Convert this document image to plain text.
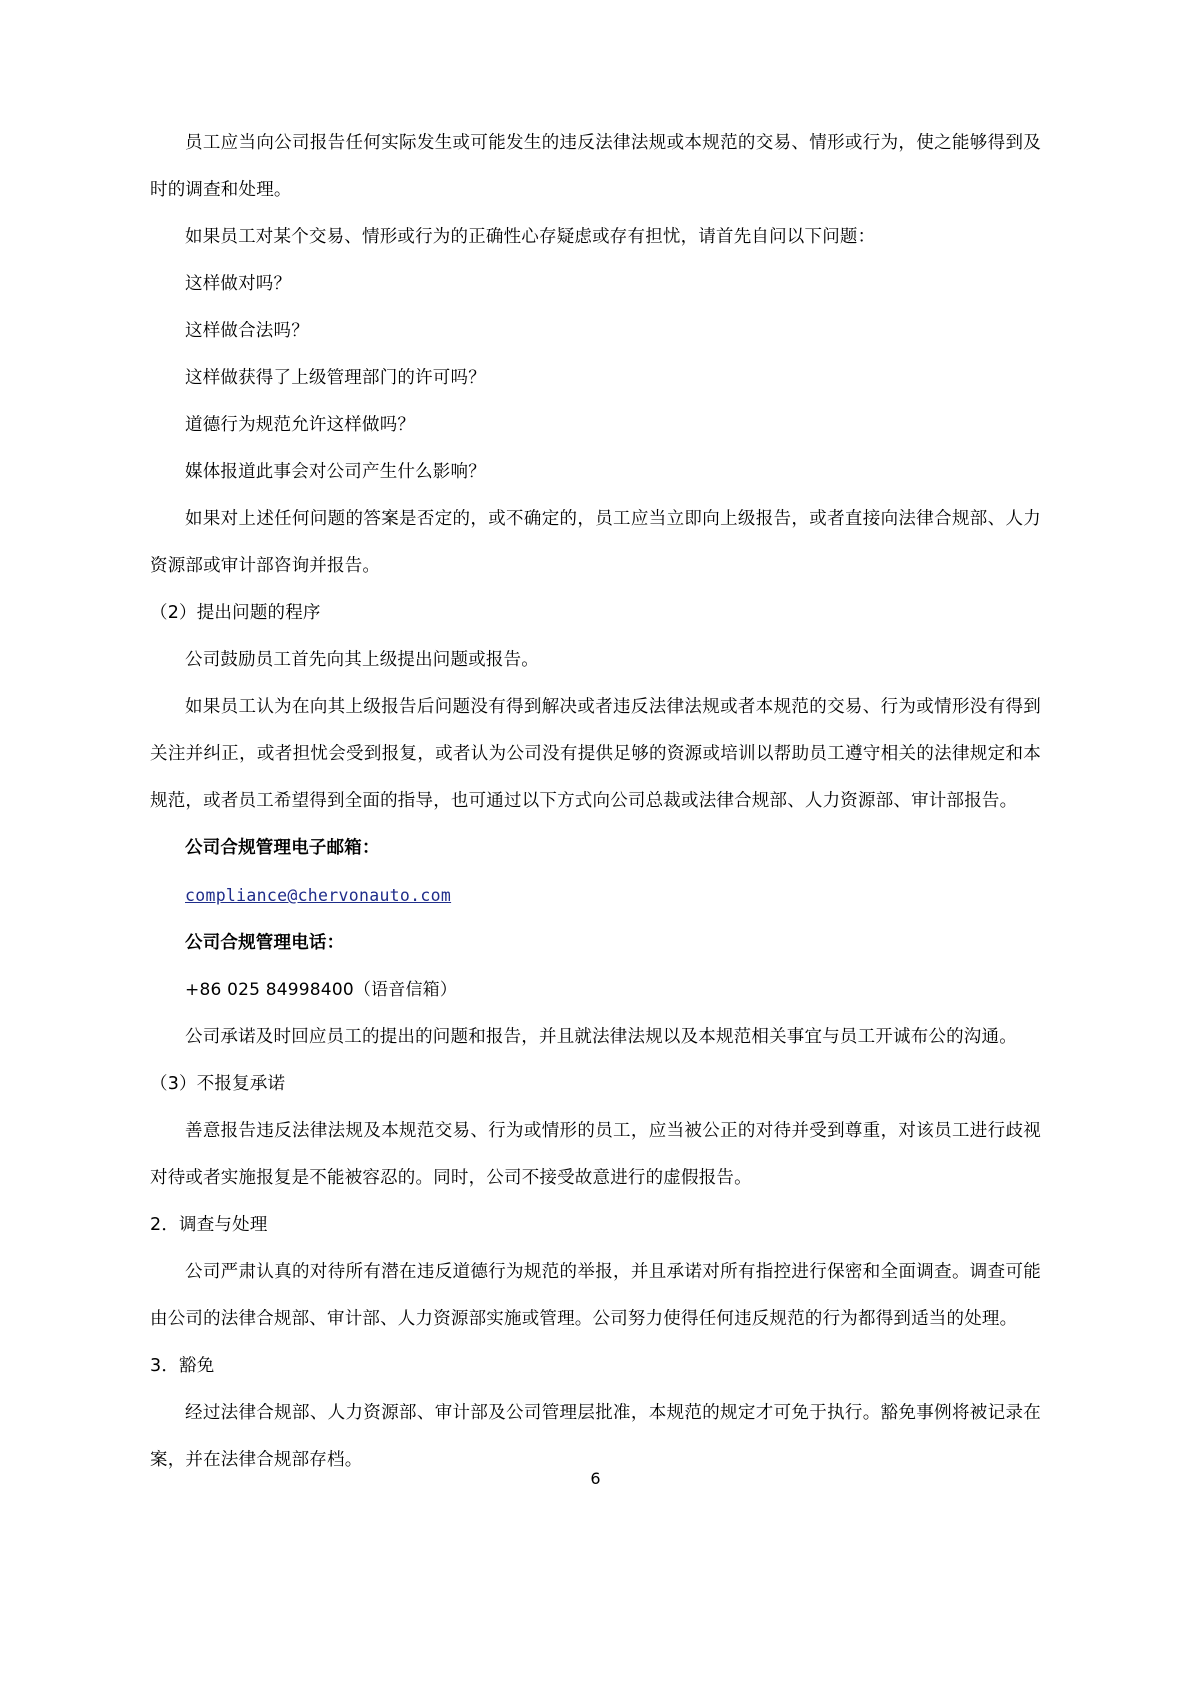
员工应当向公司报告任何实际发生或可能发生的违反法律法规或本规范的交易、情形或行为，使之能够得到及时的调查和处理。

如果员工对某个交易、情形或行为的正确性心存疑虑或存有担忧，请首先自问以下问题：

这样做对吗？

这样做合法吗？

这样做获得了上级管理部门的许可吗？

道德行为规范允许这样做吗？

媒体报道此事会对公司产生什么影响？

如果对上述任何问题的答案是否定的，或不确定的，员工应当立即向上级报告，或者直接向法律合规部、人力资源部或审计部咨询并报告。

（2）提出问题的程序

公司鼓励员工首先向其上级提出问题或报告。

如果员工认为在向其上级报告后问题没有得到解决或者违反法律法规或者本规范的交易、行为或情形没有得到关注并纠正，或者担忧会受到报复，或者认为公司没有提供足够的资源或培训以帮助员工遵守相关的法律规定和本规范，或者员工希望得到全面的指导，也可通过以下方式向公司总裁或法律合规部、人力资源部、审计部报告。

公司合规管理电子邮箱：

compliance@chervonauto.com

公司合规管理电话：

+86 025 84998400（语音信箱）

公司承诺及时回应员工的提出的问题和报告，并且就法律法规以及本规范相关事宜与员工开诚布公的沟通。

（3）不报复承诺

善意报告违反法律法规及本规范交易、行为或情形的员工，应当被公正的对待并受到尊重，对该员工进行歧视对待或者实施报复是不能被容忍的。同时，公司不接受故意进行的虚假报告。

2．调查与处理

公司严肃认真的对待所有潜在违反道德行为规范的举报，并且承诺对所有指控进行保密和全面调查。调查可能由公司的法律合规部、审计部、人力资源部实施或管理。公司努力使得任何违反规范的行为都得到适当的处理。

3．豁免

经过法律合规部、人力资源部、审计部及公司管理层批准，本规范的规定才可免于执行。豁免事例将被记录在案，并在法律合规部存档。

6
